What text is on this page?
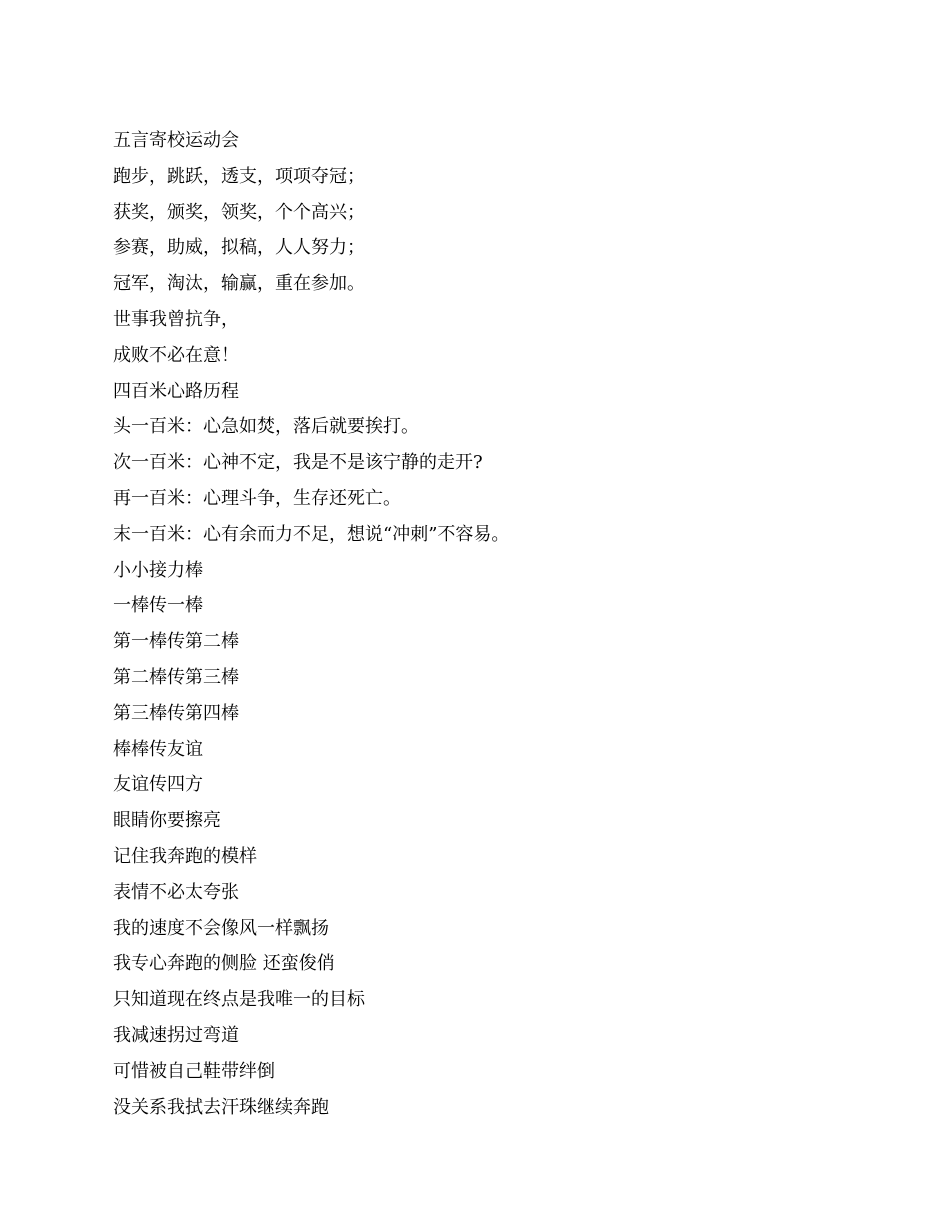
五言寄校运动会

跑步，跳跃，透支，项项夺冠；

获奖，颁奖，领奖，个个高兴；

参赛，助威，拟稿，人人努力；

冠军，淘汰，输赢，重在参加。

世事我曾抗争，

成败不必在意！

四百米心路历程

头一百米：心急如焚，落后就要挨打。

次一百米：心神不定，我是不是该宁静的走开?

再一百米：心理斗争，生存还死亡。

末一百米：心有余而力不足，想说“冲刺”不容易。

小小接力棒

一棒传一棒

第一棒传第二棒

第二棒传第三棒

第三棒传第四棒

棒棒传友谊

友谊传四方

眼睛你要擦亮

记住我奔跑的模样

表情不必太夸张

我的速度不会像风一样飘扬

我专心奔跑的侧脸 还蛮俊俏

只知道现在终点是我唯一的目标

我减速拐过弯道

可惜被自己鞋带绊倒

没关系我拭去汗珠继续奔跑
